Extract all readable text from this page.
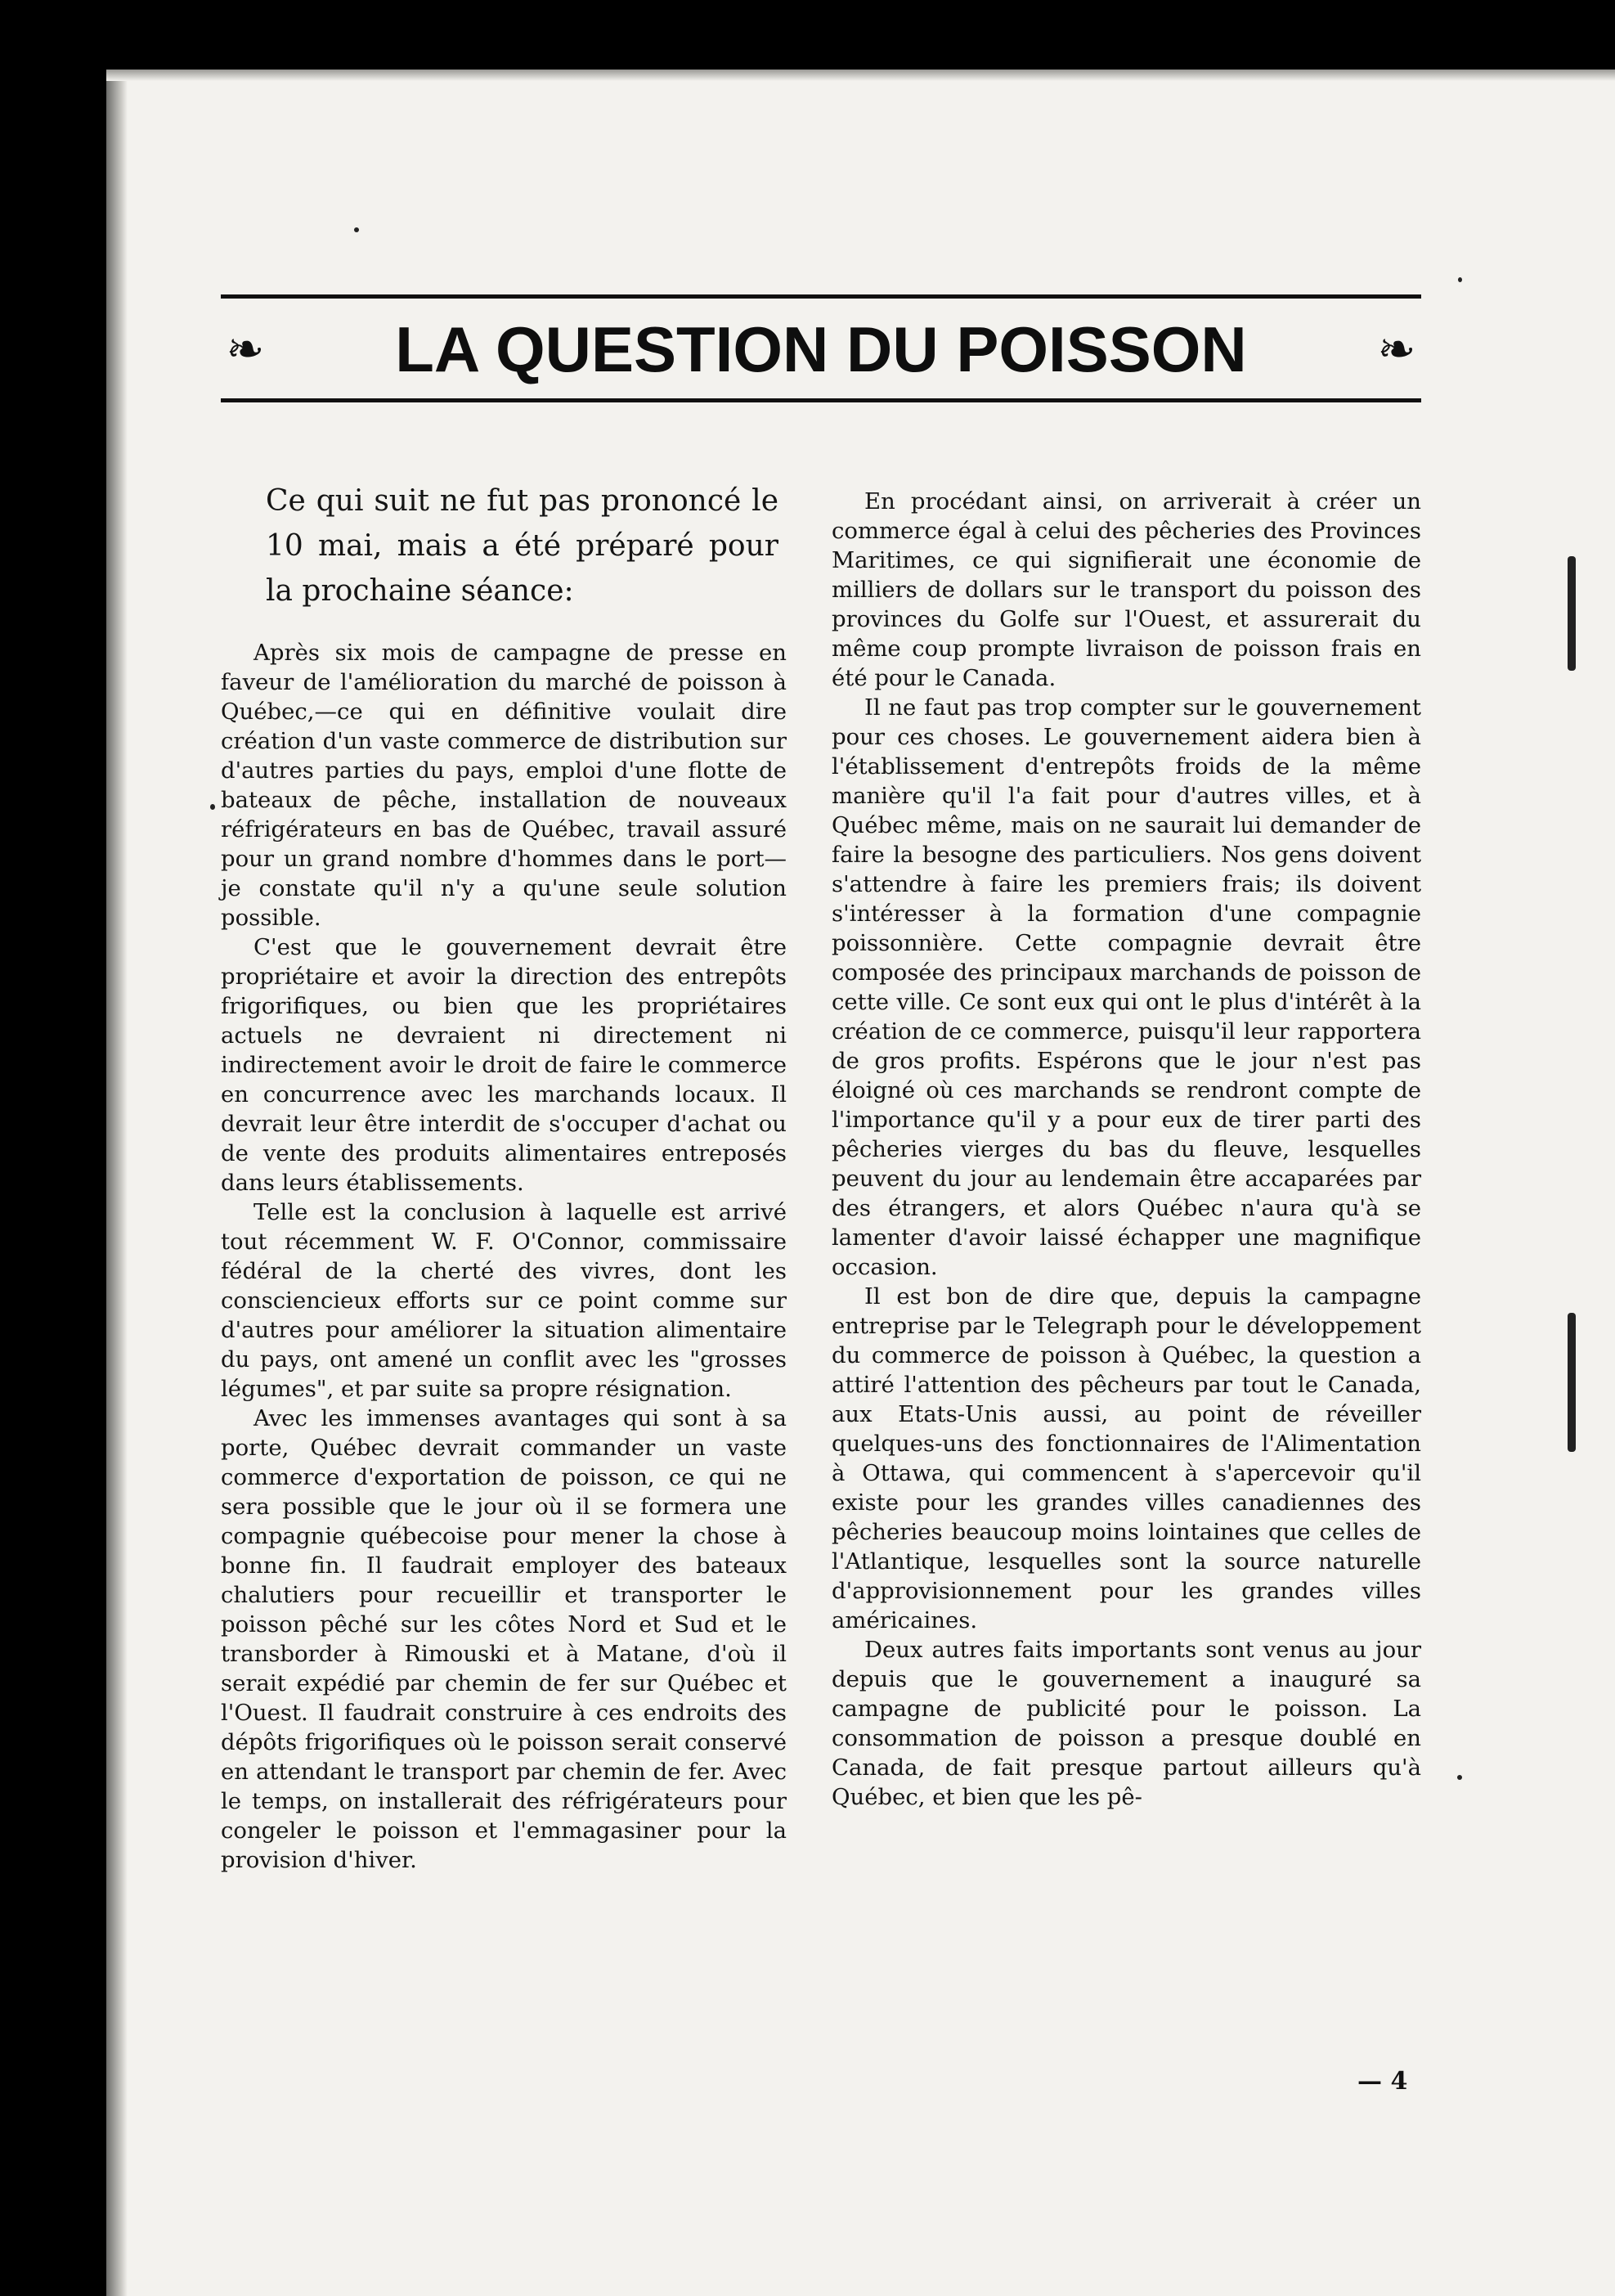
❧ LA QUESTION DU POISSON	❧
Ce qui suit ne fut pas prononcé le 10 mai, mais a été préparé pour la prochaine séance:

Après six mois de campagne de presse en faveur de l'amélioration du marché de poisson à Québec,—ce qui en définitive voulait dire création d'un vaste commerce de distribution sur d'autres parties du pays, emploi d'une flotte de bateaux de pêche, installation de nouveaux réfrigérateurs en bas de Québec, travail assuré pour un grand nombre d'hommes dans le port—je constate qu'il n'y a qu'une seule solution possible.

C'est que le gouvernement devrait être propriétaire et avoir la direction des entrepôts frigorifiques, ou bien que les propriétaires actuels ne devraient ni directement ni indirectement avoir le droit de faire le commerce en concurrence avec les marchands locaux. Il devrait leur être interdit de s'occuper d'achat ou de vente des produits alimentaires entreposés dans leurs établissements.

Telle est la conclusion à laquelle est arrivé tout récemment W. F. O'Connor, commissaire fédéral de la cherté des vivres, dont les consciencieux efforts sur ce point comme sur d'autres pour améliorer la situation alimentaire du pays, ont amené un conflit avec les "grosses légumes", et par suite sa propre résignation.

Avec les immenses avantages qui sont à sa porte, Québec devrait commander un vaste commerce d'exportation de poisson, ce qui ne sera possible que le jour où il se formera une compagnie québecoise pour mener la chose à bonne fin. Il faudrait employer des bateaux chalutiers pour recueillir et transporter le poisson pêché sur les côtes Nord et Sud et le transborder à Rimouski et à Matane, d'où il serait expédié par chemin de fer sur Québec et l'Ouest. Il faudrait construire à ces endroits des dépôts frigorifiques où le poisson serait conservé en attendant le transport par chemin de fer. Avec le temps, on installerait des réfrigérateurs pour congeler le poisson et l'emmagasiner pour la provision d'hiver.

En procédant ainsi, on arriverait à créer un commerce égal à celui des pêcheries des Provinces Maritimes, ce qui signifierait une économie de milliers de dollars sur le transport du poisson des provinces du Golfe sur l'Ouest, et assurerait du même coup prompte livraison de poisson frais en été pour le Canada.

Il ne faut pas trop compter sur le gouvernement pour ces choses. Le gouvernement aidera bien à l'établissement d'entrepôts froids de la même manière qu'il l'a fait pour d'autres villes, et à Québec même, mais on ne saurait lui demander de faire la besogne des particuliers. Nos gens doivent s'attendre à faire les premiers frais; ils doivent s'intéresser à la formation d'une compagnie poissonnière. Cette compagnie devrait être composée des principaux marchands de poisson de cette ville. Ce sont eux qui ont le plus d'intérêt à la création de ce commerce, puisqu'il leur rapportera de gros profits. Espérons que le jour n'est pas éloigné où ces marchands se rendront compte de l'importance qu'il y a pour eux de tirer parti des pêcheries vierges du bas du fleuve, lesquelles peuvent du jour au lendemain être accaparées par des étrangers, et alors Québec n'aura qu'à se lamenter d'avoir laissé échapper une magnifique occasion.

Il est bon de dire que, depuis la campagne entreprise par le Telegraph pour le développement du commerce de poisson à Québec, la question a attiré l'attention des pêcheurs par tout le Canada, aux Etats-Unis aussi, au point de réveiller quelques-uns des fonctionnaires de l'Alimentation à Ottawa, qui commencent à s'apercevoir qu'il existe pour les grandes villes canadiennes des pêcheries beaucoup moins lointaines que celles de l'Atlantique, lesquelles sont la source naturelle d'approvisionnement pour les grandes villes américaines.

Deux autres faits importants sont venus au jour depuis que le gouvernement a inauguré sa campagne de publicité pour le poisson. La consommation de poisson a presque doublé en Canada, de fait presque partout ailleurs qu'à Québec, et bien que les pê-

— 4
